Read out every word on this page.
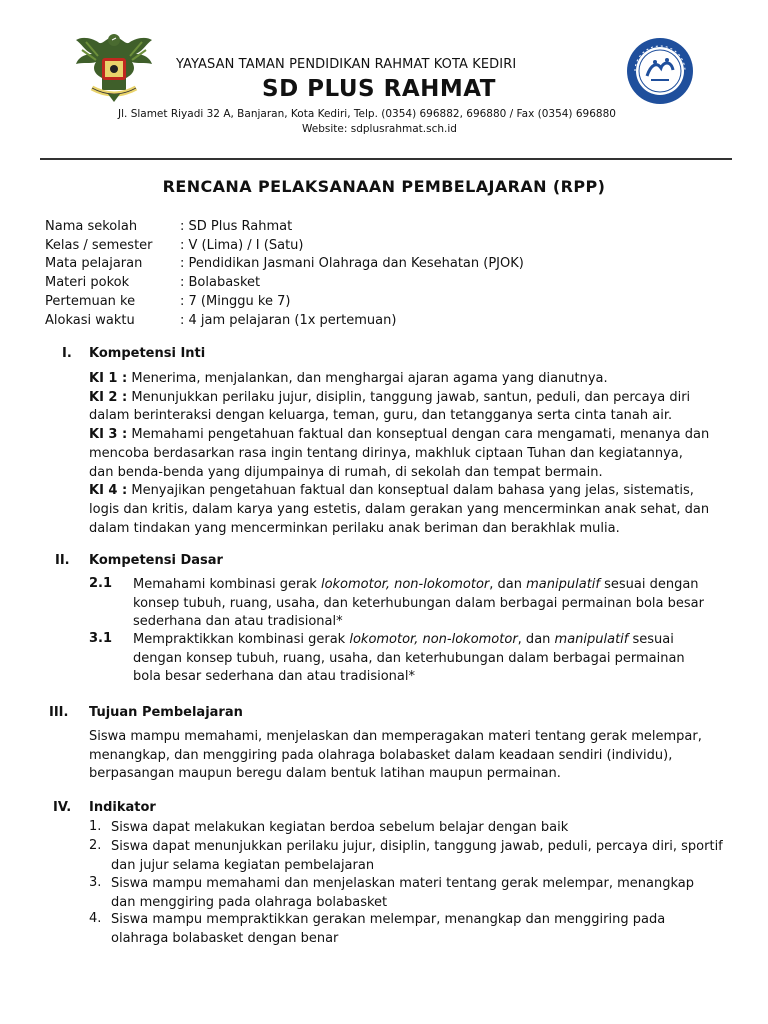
YAYASAN TAMAN PENDIDIKAN RAHMAT KOTA KEDIRI
SD PLUS RAHMAT
Jl. Slamet Riyadi 32 A, Banjaran, Kota Kediri, Telp. (0354) 696882, 696880 / Fax (0354) 696880
Website: sdplusrahmat.sch.id
RENCANA PELAKSANAAN PEMBELAJARAN (RPP)
Nama sekolah	: SD Plus Rahmat
Kelas / semester	: V (Lima) / I (Satu)
Mata pelajaran	: Pendidikan Jasmani Olahraga dan Kesehatan (PJOK)
Materi pokok	: Bolabasket
Pertemuan ke	: 7 (Minggu ke 7)
Alokasi waktu	: 4 jam pelajaran (1x pertemuan)
I. Kompetensi Inti
KI 1 : Menerima, menjalankan, dan menghargai ajaran agama yang dianutnya.
KI 2 : Menunjukkan perilaku jujur, disiplin, tanggung jawab, santun, peduli, dan percaya diri
dalam berinteraksi dengan keluarga, teman, guru, dan tetangganya serta cinta tanah air.
KI 3 : Memahami pengetahuan faktual dan konseptual dengan cara mengamati, menanya dan
mencoba berdasarkan rasa ingin tentang dirinya, makhluk ciptaan Tuhan dan kegiatannya,
dan benda-benda yang dijumpainya di rumah, di sekolah dan tempat bermain.
KI 4 : Menyajikan pengetahuan faktual dan konseptual dalam bahasa yang jelas, sistematis,
logis dan kritis, dalam karya yang estetis, dalam gerakan yang mencerminkan anak sehat, dan
dalam tindakan yang mencerminkan perilaku anak beriman dan berakhlak mulia.
II. Kompetensi Dasar
2.1 Memahami kombinasi gerak lokomotor, non-lokomotor, dan manipulatif sesuai dengan
konsep tubuh, ruang, usaha, dan keterhubungan dalam berbagai permainan bola besar
sederhana dan atau tradisional*
3.1 Mempraktikkan kombinasi gerak lokomotor, non-lokomotor, dan manipulatif sesuai
dengan konsep tubuh, ruang, usaha, dan keterhubungan dalam berbagai permainan
bola besar sederhana dan atau tradisional*
III. Tujuan Pembelajaran
Siswa mampu memahami, menjelaskan dan memperagakan materi tentang gerak melempar,
menangkap, dan menggiring pada olahraga bolabasket dalam keadaan sendiri (individu),
berpasangan maupun beregu dalam bentuk latihan maupun permainan.
IV. Indikator
1. Siswa dapat melakukan kegiatan berdoa sebelum belajar dengan baik
2. Siswa dapat menunjukkan perilaku jujur, disiplin, tanggung jawab, peduli, percaya diri, sportif
dan jujur selama kegiatan pembelajaran
3. Siswa mampu memahami dan menjelaskan materi tentang gerak melempar, menangkap
dan menggiring pada olahraga bolabasket
4. Siswa mampu mempraktikkan gerakan melempar, menangkap dan menggiring pada
olahraga bolabasket dengan benar
